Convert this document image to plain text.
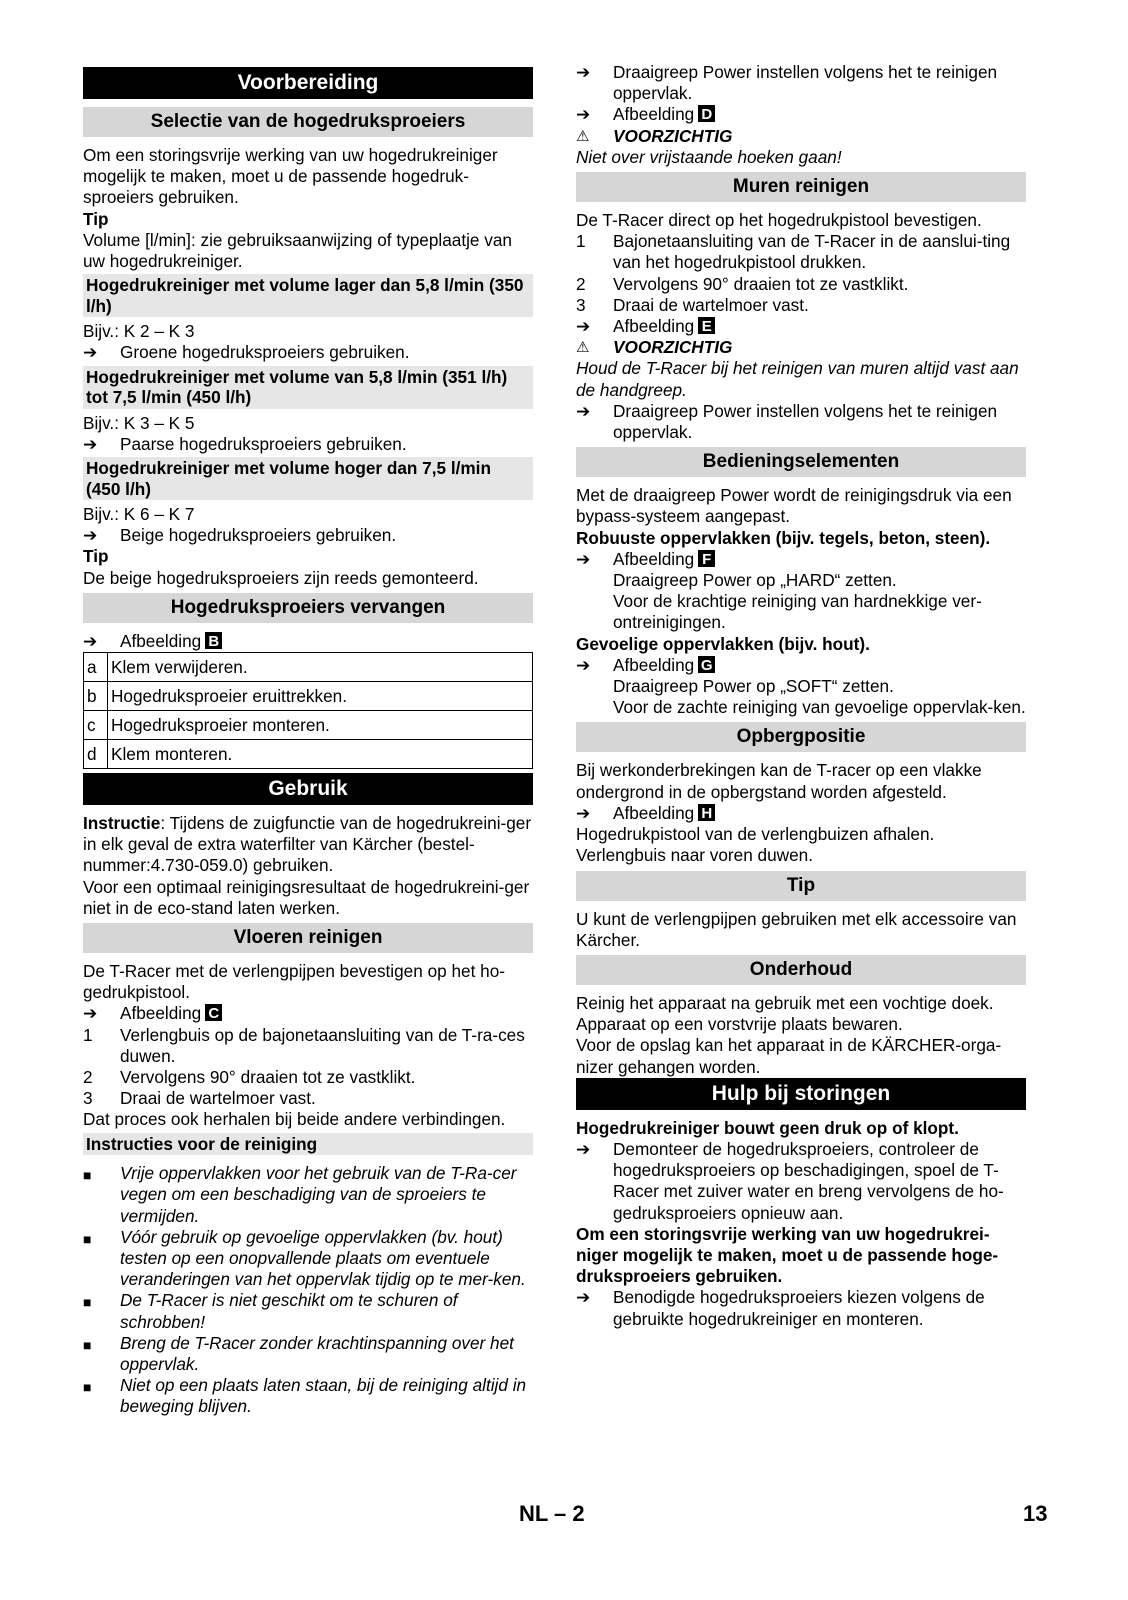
Voorbereiding
Selectie van de hogedruksproeiers

Om een storingsvrije werking van uw hogedrukreiniger mogelijk te maken, moet u de passende hogedruk-sproeiers gebruiken.

Tip

Volume [l/min]: zie gebruiksaanwijzing of typeplaatje van uw hogedrukreiniger.

Hogedrukreiniger met volume lager dan 5,8 l/min (350 l/h)

Bijv.: K 2 – K 3

➔	Groene hogedruksproeiers gebruiken.
Hogedrukreiniger met volume van 5,8 l/min (351 l/h) tot 7,5 l/min (450 l/h)

Bijv.: K 3 – K 5

➔	Paarse hogedruksproeiers gebruiken.
Hogedrukreiniger met volume hoger dan 7,5 l/min (450 l/h)

Bijv.: K 6 – K 7

➔	Beige hogedruksproeiers gebruiken.

Tip

De beige hogedruksproeiers zijn reeds gemonteerd.

Hogedruksproeiers vervangen
➔	Afbeelding B
a	Klem verwijderen.
b	Hogedruksproeier eruittrekken.
c	Hogedruksproeier monteren.
d	Klem monteren.
Gebruik

Instructie: Tijdens de zuigfunctie van de hogedrukreini-ger in elk geval de extra waterfilter van Kärcher (bestel-nummer:4.730-059.0) gebruiken.

Voor een optimaal reinigingsresultaat de hogedrukreini-ger niet in de eco-stand laten werken.

Vloeren reinigen

De T-Racer met de verlengpijpen bevestigen op het ho-gedrukpistool.

➔	Afbeelding C
1	Verlengbuis op de bajonetaansluiting van de T-ra-ces duwen.
2	Vervolgens 90° draaien tot ze vastklikt.
3	Draai de wartelmoer vast.

Dat proces ook herhalen bij beide andere verbindingen.

Instructies voor de reiniging
■	Vrije oppervlakken voor het gebruik van de T-Ra-cer vegen om een beschadiging van de sproeiers te vermijden.
■	Vóór gebruik op gevoelige oppervlakken (bv. hout) testen op een onopvallende plaats om eventuele veranderingen van het oppervlak tijdig op te mer-ken.
■	De T-Racer is niet geschikt om te schuren of schrobben!
■	Breng de T-Racer zonder krachtinspanning over het oppervlak.
■	Niet op een plaats laten staan, bij de reiniging altijd in beweging blijven.
➔	Draaigreep Power instellen volgens het te reinigen oppervlak.
➔	Afbeelding D
⚠	VOORZICHTIG

Niet over vrijstaande hoeken gaan!

Muren reinigen

De T-Racer direct op het hogedrukpistool bevestigen.

1	Bajonetaansluiting van de T-Racer in de aanslui-ting van het hogedrukpistool drukken.
2	Vervolgens 90° draaien tot ze vastklikt.
3	Draai de wartelmoer vast.
➔	Afbeelding E
⚠	VOORZICHTIG

Houd de T-Racer bij het reinigen van muren altijd vast aan de handgreep.

➔	Draaigreep Power instellen volgens het te reinigen oppervlak.
Bedieningselementen

Met de draaigreep Power wordt de reinigingsdruk via een bypass-systeem aangepast.

Robuuste oppervlakken (bijv. tegels, beton, steen).

➔	Afbeelding F
Draaigreep Power op „HARD“ zetten.
Voor de krachtige reiniging van hardnekkige ver-ontreinigingen.

Gevoelige oppervlakken (bijv. hout).

➔	Afbeelding G
Draaigreep Power op „SOFT“ zetten.
Voor de zachte reiniging van gevoelige oppervlak-ken.
Opbergpositie

Bij werkonderbrekingen kan de T-racer op een vlakke ondergrond in de opbergstand worden afgesteld.

➔	Afbeelding H

Hogedrukpistool van de verlengbuizen afhalen.

Verlengbuis naar voren duwen.

Tip

U kunt de verlengpijpen gebruiken met elk accessoire van Kärcher.

Onderhoud

Reinig het apparaat na gebruik met een vochtige doek.

Apparaat op een vorstvrije plaats bewaren.

Voor de opslag kan het apparaat in de KÄRCHER-orga-nizer gehangen worden.

Hulp bij storingen

Hogedrukreiniger bouwt geen druk op of klopt.

➔	Demonteer de hogedruksproeiers, controleer de hogedruksproeiers op beschadigingen, spoel de T-Racer met zuiver water en breng vervolgens de ho-gedruksproeiers opnieuw aan.

Om een storingsvrije werking van uw hogedrukrei-niger mogelijk te maken, moet u de passende hoge-druksproeiers gebruiken.

➔	Benodigde hogedruksproeiers kiezen volgens de gebruikte hogedrukreiniger en monteren.
NL – 2	13
